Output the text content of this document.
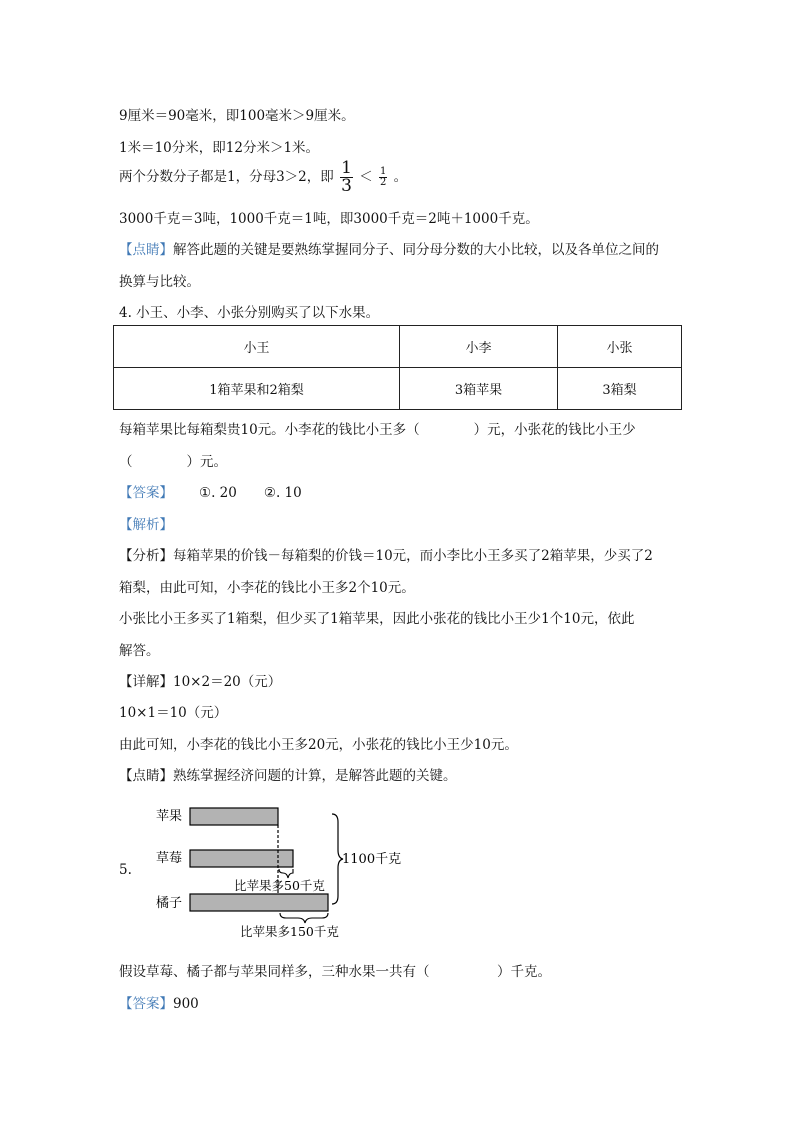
9厘米＝90毫米，即100毫米＞9厘米。
1米＝10分米，即12分米＞1米。
两个分数分子都是1，分母3＞2，即 $\frac{1}{3} < \frac{1}{2}$ 。
3000千克＝3吨，1000千克＝1吨，即3000千克＝2吨＋1000千克。
【点睛】解答此题的关键是要熟练掌握同分子、同分母分数的大小比较，以及各单位之间的
换算与比较。
4. 小王、小李、小张分别购买了以下水果。
小王	小李	小张
1箱苹果和2箱梨	3箱苹果	3箱梨
每箱苹果比每箱梨贵10元。小李花的钱比小王多（　　　　）元，小张花的钱比小王少
（　　　　）元。
【答案】 ①. 20　　②. 10
【解析】
【分析】每箱苹果的价钱－每箱梨的价钱＝10元，而小李比小王多买了2箱苹果，少买了2
箱梨，由此可知，小李花的钱比小王多2个10元。
小张比小王多买了1箱梨，但少买了1箱苹果，因此小张花的钱比小王少1个10元，依此
解答。
【详解】10×2＝20（元）
10×1＝10（元）
由此可知，小李花的钱比小王多20元，小张花的钱比小王少10元。
【点睛】熟练掌握经济问题的计算，是解答此题的关键。
5.
苹果
草莓
橘子
比苹果多50千克
比苹果多150千克
1100千克
假设草莓、橘子都与苹果同样多，三种水果一共有（　　　　　）千克。
【答案】900
